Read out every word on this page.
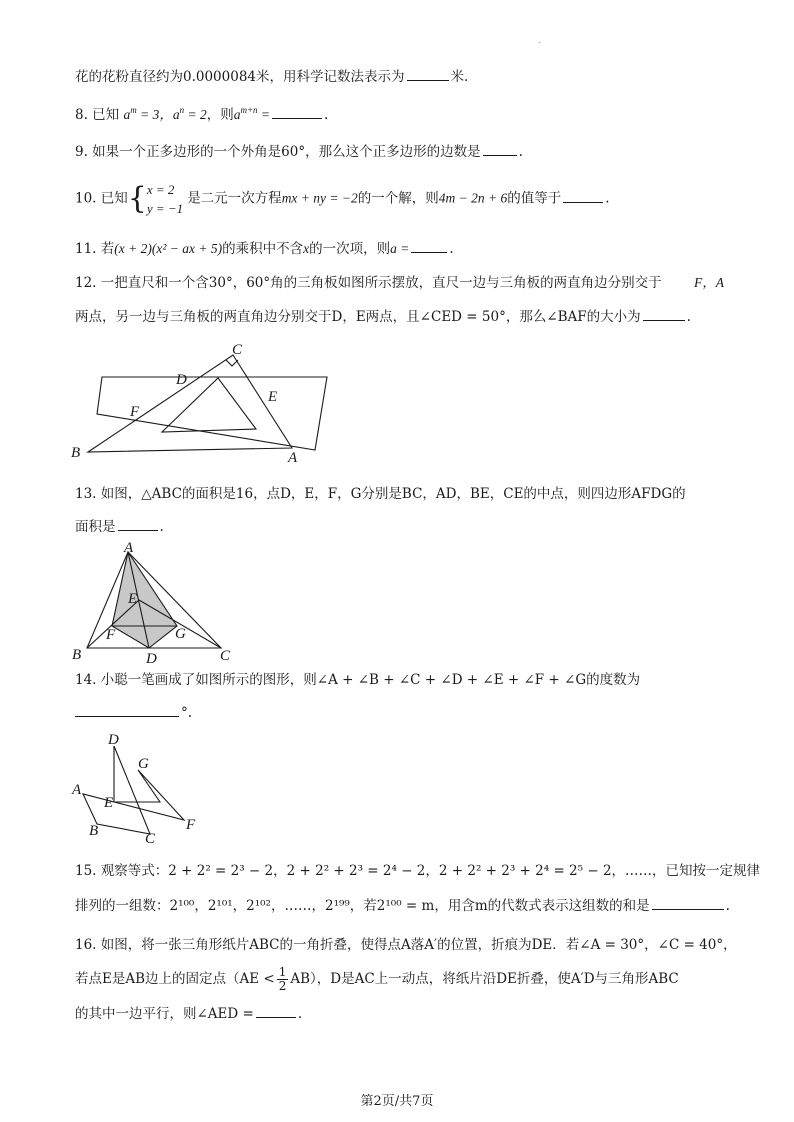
.
花的花粉直径约为0.0000084米，用科学记数法表示为	米.
8. 已知 $a^m = 3$，$a^n = 2$，则$a^{m+n}$ =	.
9. 如果一个正多边形的一个外角是60°，那么这个正多边形的边数是	.
10. 已知{ x = 2
y = −1
是二元一次方程mx + ny = −2的一个解，则4m − 2n + 6的值等于	.
11. 若(x + 2)(x² − ax + 5)的乘积中不含x的一次项，则a =	.
12. 一把直尺和一个含30°，60°角的三角板如图所示摆放，直尺一边与三角板的两直角边分别交于 F，A
两点，另一边与三角板的两直角边分别交于D，E两点，且∠CED = 50°，那么∠BAF的大小为	.
C
D
E
F
B	A
13. 如图，△ABC的面积是16，点D，E，F，G分别是BC，AD，BE，CE的中点，则四边形AFDG的
面积是	.
A
E
F	G
B	D	C
14. 小聪一笔画成了如图所示的图形，则∠A + ∠B + ∠C + ∠D + ∠E + ∠F + ∠G的度数为
°.
D
G
A
E
B	C
F
15. 观察等式：2 + 2² = 2³ − 2，2 + 2² + 2³ = 2⁴ − 2，2 + 2² + 2³ + 2⁴ = 2⁵ − 2，……，已知按一定规律
排列的一组数：2¹⁰⁰，2¹⁰¹，2¹⁰²，……，2¹⁹⁹，若2¹⁰⁰ = m，用含m的代数式表示这组数的和是	.
16. 如图，将一张三角形纸片ABC的一角折叠，使得点A落A′的位置，折痕为DE．若∠A = 30°，∠C = 40°，
若点E是AB边上的固定点$(AE < \frac{1}{2} AB)$，D是AC上一动点，将纸片沿DE折叠，使A′D与三角形ABC
的其中一边平行，则∠AED =	.
第2页/共7页
